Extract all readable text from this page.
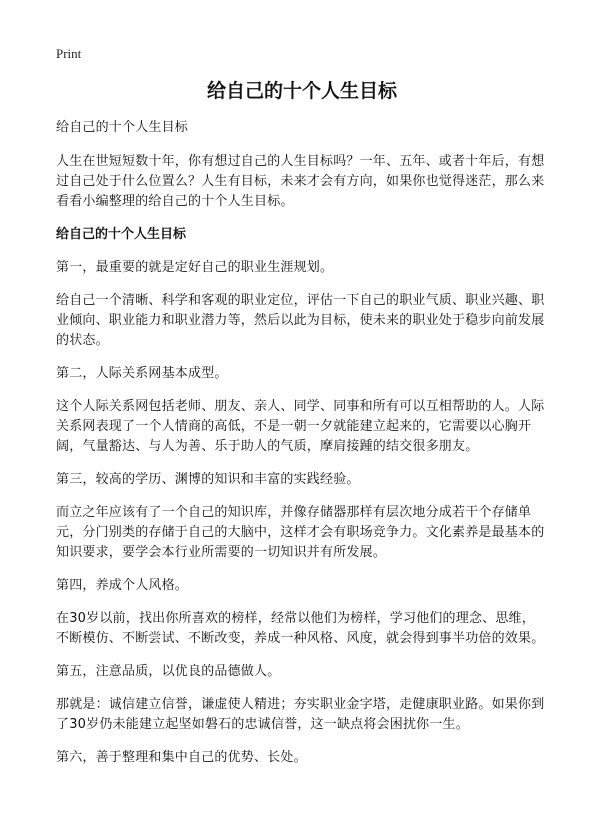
Print
给自己的十个人生目标

给自己的十个人生目标

人生在世短短数十年，你有想过自己的人生目标吗？一年、五年、或者十年后，有想过自己处于什么位置么？人生有目标，未来才会有方向，如果你也觉得迷茫，那么来看看小编整理的给自己的十个人生目标。

给自己的十个人生目标

第一，最重要的就是定好自己的职业生涯规划。

给自己一个清晰、科学和客观的职业定位，评估一下自己的职业气质、职业兴趣、职业倾向、职业能力和职业潜力等，然后以此为目标，使未来的职业处于稳步向前发展的状态。

第二，人际关系网基本成型。

这个人际关系网包括老师、朋友、亲人、同学、同事和所有可以互相帮助的人。人际关系网表现了一个人情商的高低，不是一朝一夕就能建立起来的，它需要以心胸开阔，气量豁达、与人为善、乐于助人的气质，摩肩接踵的结交很多朋友。

第三，较高的学历、渊博的知识和丰富的实践经验。

而立之年应该有了一个自己的知识库，并像存储器那样有层次地分成若干个存储单元，分门别类的存储于自己的大脑中，这样才会有职场竞争力。文化素养是最基本的知识要求，要学会本行业所需要的一切知识并有所发展。

第四，养成个人风格。

在30岁以前，找出你所喜欢的榜样，经常以他们为榜样，学习他们的理念、思维，不断模仿、不断尝试、不断改变，养成一种风格、风度，就会得到事半功倍的效果。

第五，注意品质，以优良的品德做人。

那就是：诚信建立信誉，谦虚使人精进；夯实职业金字塔，走健康职业路。如果你到了30岁仍未能建立起坚如磐石的忠诚信誉，这一缺点将会困扰你一生。

第六，善于整理和集中自己的优势、长处。
